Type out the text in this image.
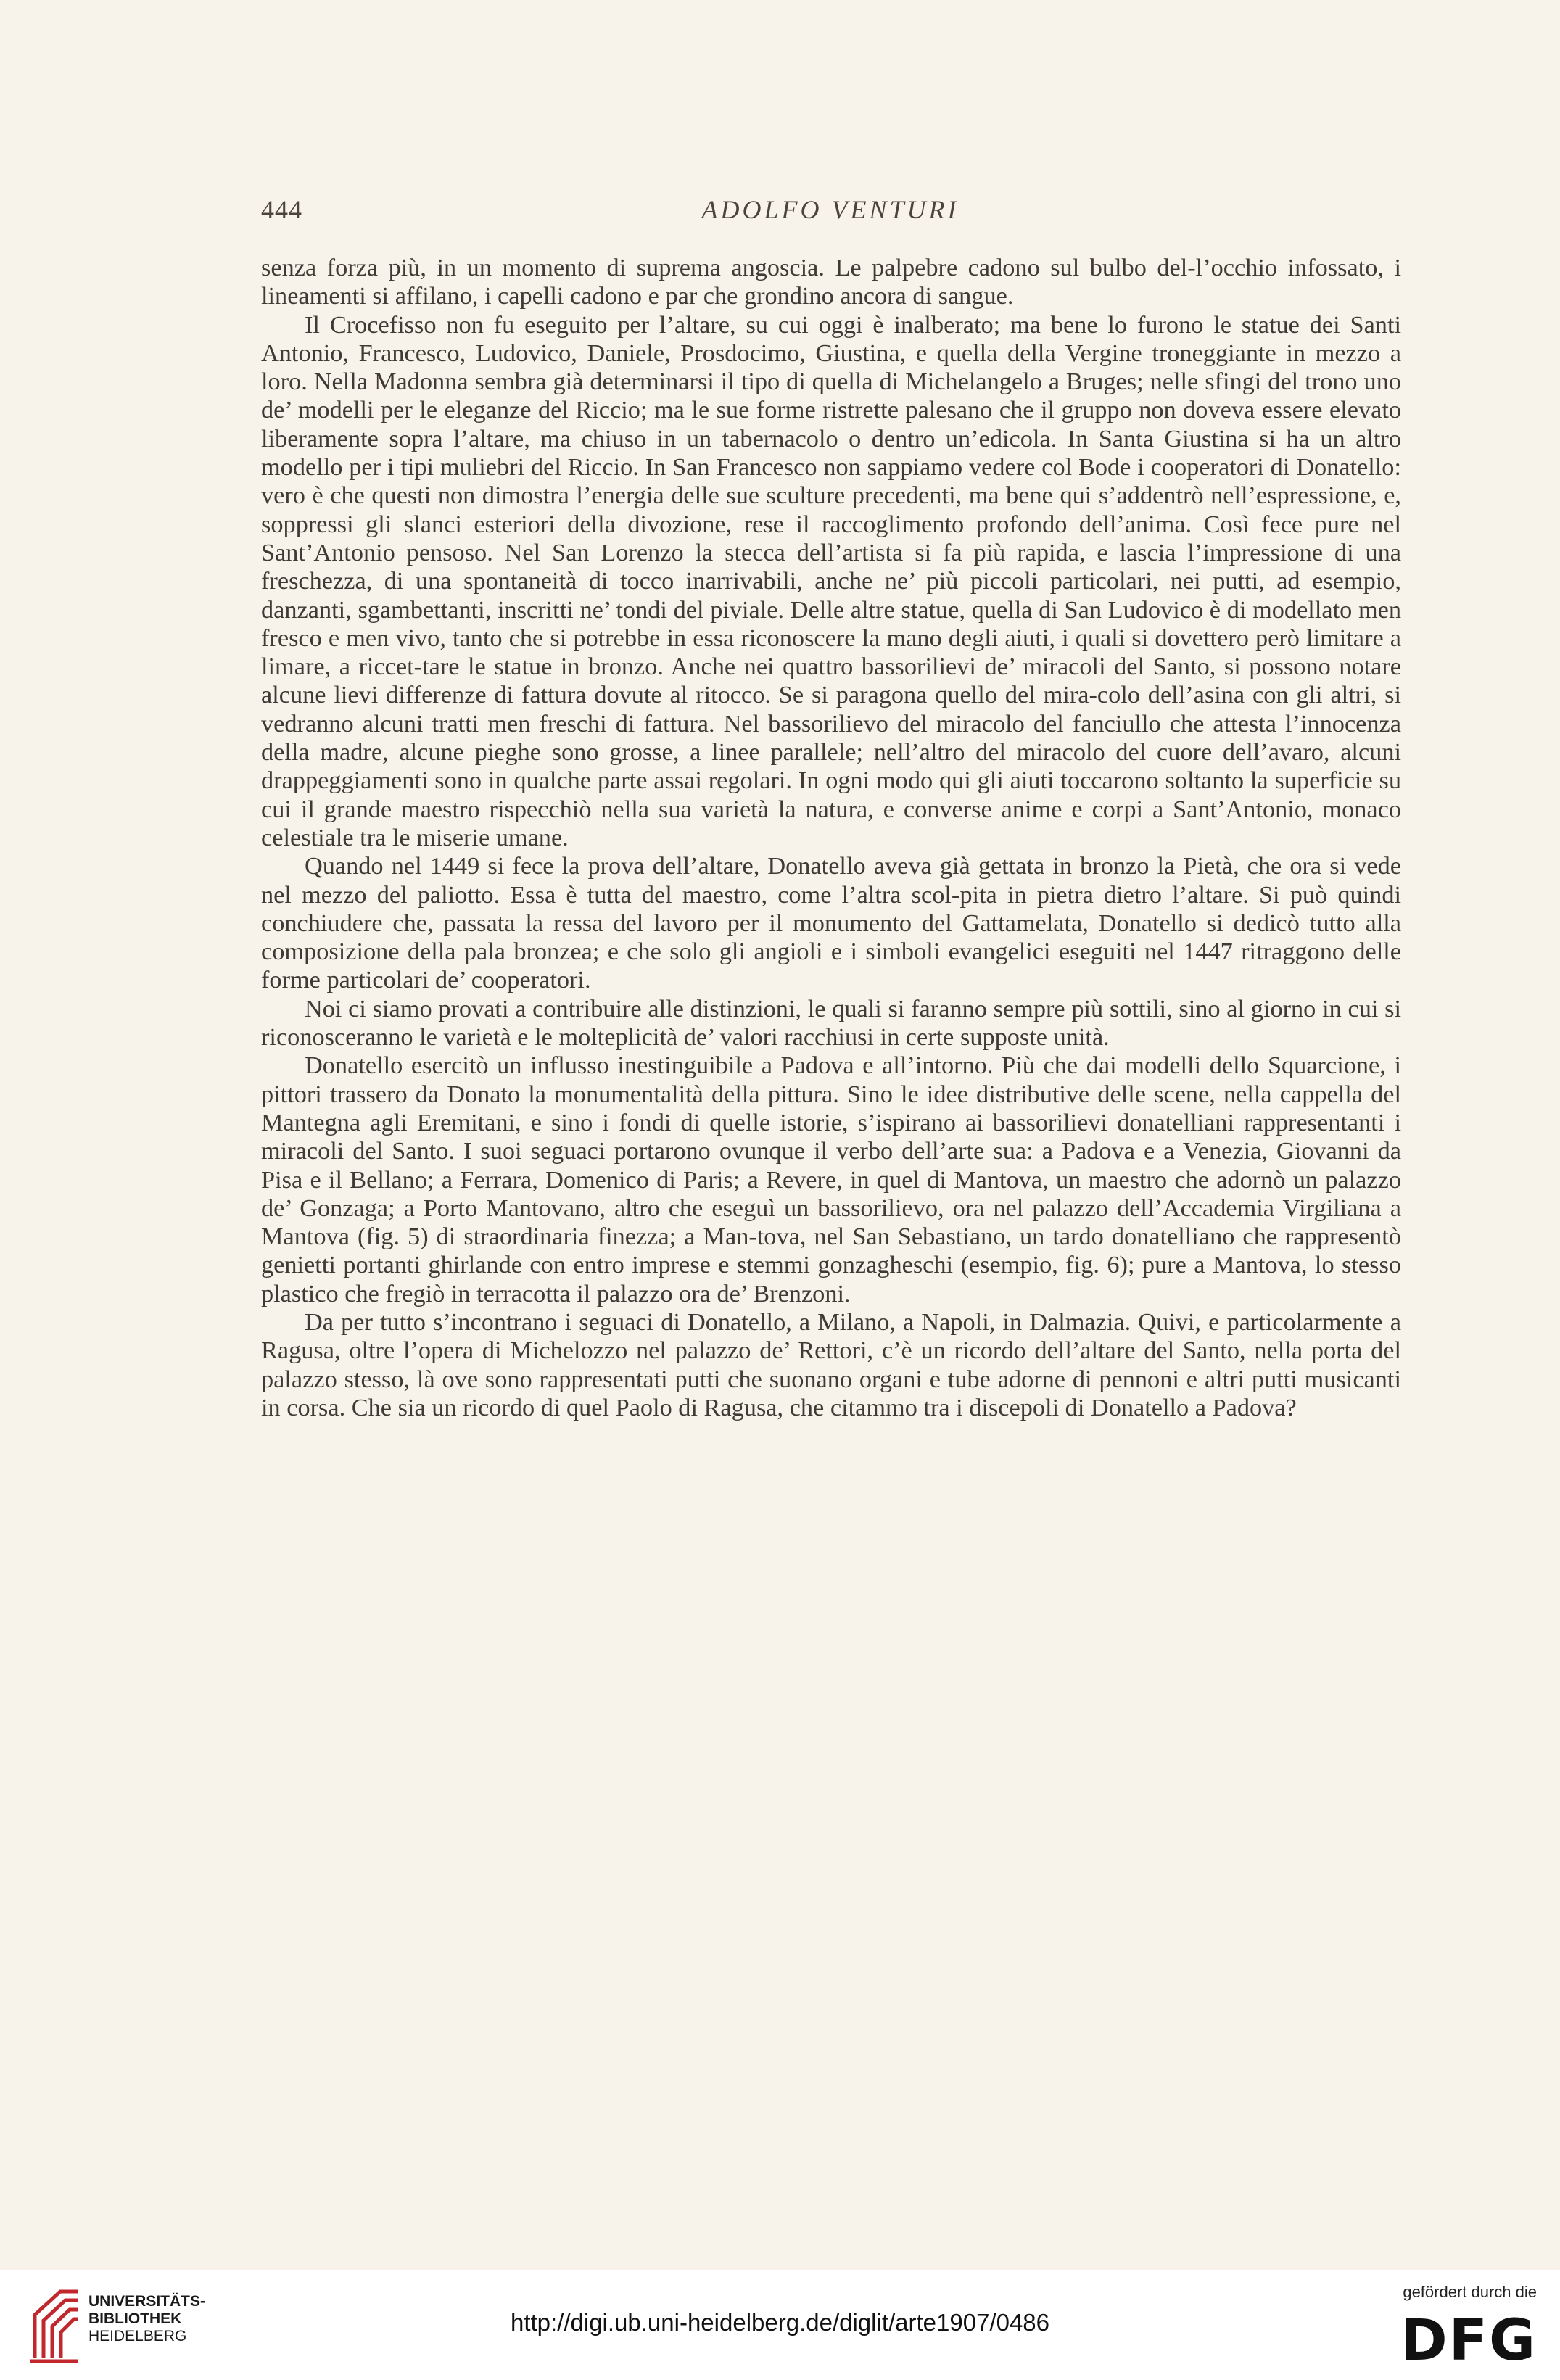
444	ADOLFO VENTURI

senza forza più, in un momento di suprema angoscia. Le palpebre cadono sul bulbo del-l’occhio infossato, i lineamenti si affilano, i capelli cadono e par che grondino ancora di sangue.

Il Crocefisso non fu eseguito per l’altare, su cui oggi è inalberato; ma bene lo furono le statue dei Santi Antonio, Francesco, Ludovico, Daniele, Prosdocimo, Giustina, e quella della Vergine troneggiante in mezzo a loro. Nella Madonna sembra già determinarsi il tipo di quella di Michelangelo a Bruges; nelle sfingi del trono uno de’ modelli per le eleganze del Riccio; ma le sue forme ristrette palesano che il gruppo non doveva essere elevato liberamente sopra l’altare, ma chiuso in un tabernacolo o dentro un’edicola. In Santa Giustina si ha un altro modello per i tipi muliebri del Riccio. In San Francesco non sappiamo vedere col Bode i cooperatori di Donatello: vero è che questi non dimostra l’energia delle sue sculture precedenti, ma bene qui s’addentrò nell’espressione, e, soppressi gli slanci esteriori della divozione, rese il raccoglimento profondo dell’anima. Così fece pure nel Sant’Antonio pensoso. Nel San Lorenzo la stecca dell’artista si fa più rapida, e lascia l’impressione di una freschezza, di una spontaneità di tocco inarrivabili, anche ne’ più piccoli particolari, nei putti, ad esempio, danzanti, sgambettanti, inscritti ne’ tondi del piviale. Delle altre statue, quella di San Ludovico è di modellato men fresco e men vivo, tanto che si potrebbe in essa riconoscere la mano degli aiuti, i quali si dovettero però limitare a limare, a riccet-tare le statue in bronzo. Anche nei quattro bassorilievi de’ miracoli del Santo, si possono notare alcune lievi differenze di fattura dovute al ritocco. Se si paragona quello del mira-colo dell’asina con gli altri, si vedranno alcuni tratti men freschi di fattura. Nel bassorilievo del miracolo del fanciullo che attesta l’innocenza della madre, alcune pieghe sono grosse, a linee parallele; nell’altro del miracolo del cuore dell’avaro, alcuni drappeggiamenti sono in qualche parte assai regolari. In ogni modo qui gli aiuti toccarono soltanto la superficie su cui il grande maestro rispecchiò nella sua varietà la natura, e converse anime e corpi a Sant’Antonio, monaco celestiale tra le miserie umane.

Quando nel 1449 si fece la prova dell’altare, Donatello aveva già gettata in bronzo la Pietà, che ora si vede nel mezzo del paliotto. Essa è tutta del maestro, come l’altra scol-pita in pietra dietro l’altare. Si può quindi conchiudere che, passata la ressa del lavoro per il monumento del Gattamelata, Donatello si dedicò tutto alla composizione della pala bronzea; e che solo gli angioli e i simboli evangelici eseguiti nel 1447 ritraggono delle forme particolari de’ cooperatori.

Noi ci siamo provati a contribuire alle distinzioni, le quali si faranno sempre più sottili, sino al giorno in cui si riconosceranno le varietà e le molteplicità de’ valori racchiusi in certe supposte unità.

Donatello esercitò un influsso inestinguibile a Padova e all’intorno. Più che dai modelli dello Squarcione, i pittori trassero da Donato la monumentalità della pittura. Sino le idee distributive delle scene, nella cappella del Mantegna agli Eremitani, e sino i fondi di quelle istorie, s’ispirano ai bassorilievi donatelliani rappresentanti i miracoli del Santo. I suoi seguaci portarono ovunque il verbo dell’arte sua: a Padova e a Venezia, Giovanni da Pisa e il Bellano; a Ferrara, Domenico di Paris; a Revere, in quel di Mantova, un maestro che adornò un palazzo de’ Gonzaga; a Porto Mantovano, altro che eseguì un bassorilievo, ora nel palazzo dell’Accademia Virgiliana a Mantova (fig. 5) di straordinaria finezza; a Man-tova, nel San Sebastiano, un tardo donatelliano che rappresentò genietti portanti ghirlande con entro imprese e stemmi gonzagheschi (esempio, fig. 6); pure a Mantova, lo stesso plastico che fregiò in terracotta il palazzo ora de’ Brenzoni.

Da per tutto s’incontrano i seguaci di Donatello, a Milano, a Napoli, in Dalmazia. Quivi, e particolarmente a Ragusa, oltre l’opera di Michelozzo nel palazzo de’ Rettori, c’è un ricordo dell’altare del Santo, nella porta del palazzo stesso, là ove sono rappresentati putti che suonano organi e tube adorne di pennoni e altri putti musicanti in corsa. Che sia un ricordo di quel Paolo di Ragusa, che citammo tra i discepoli di Donatello a Padova?

UNIVERSITÄTS-
BIBLIOTHEK
HEIDELBERG
http://digi.ub.uni-heidelberg.de/diglit/arte1907/0486
gefördert durch die
DFG
